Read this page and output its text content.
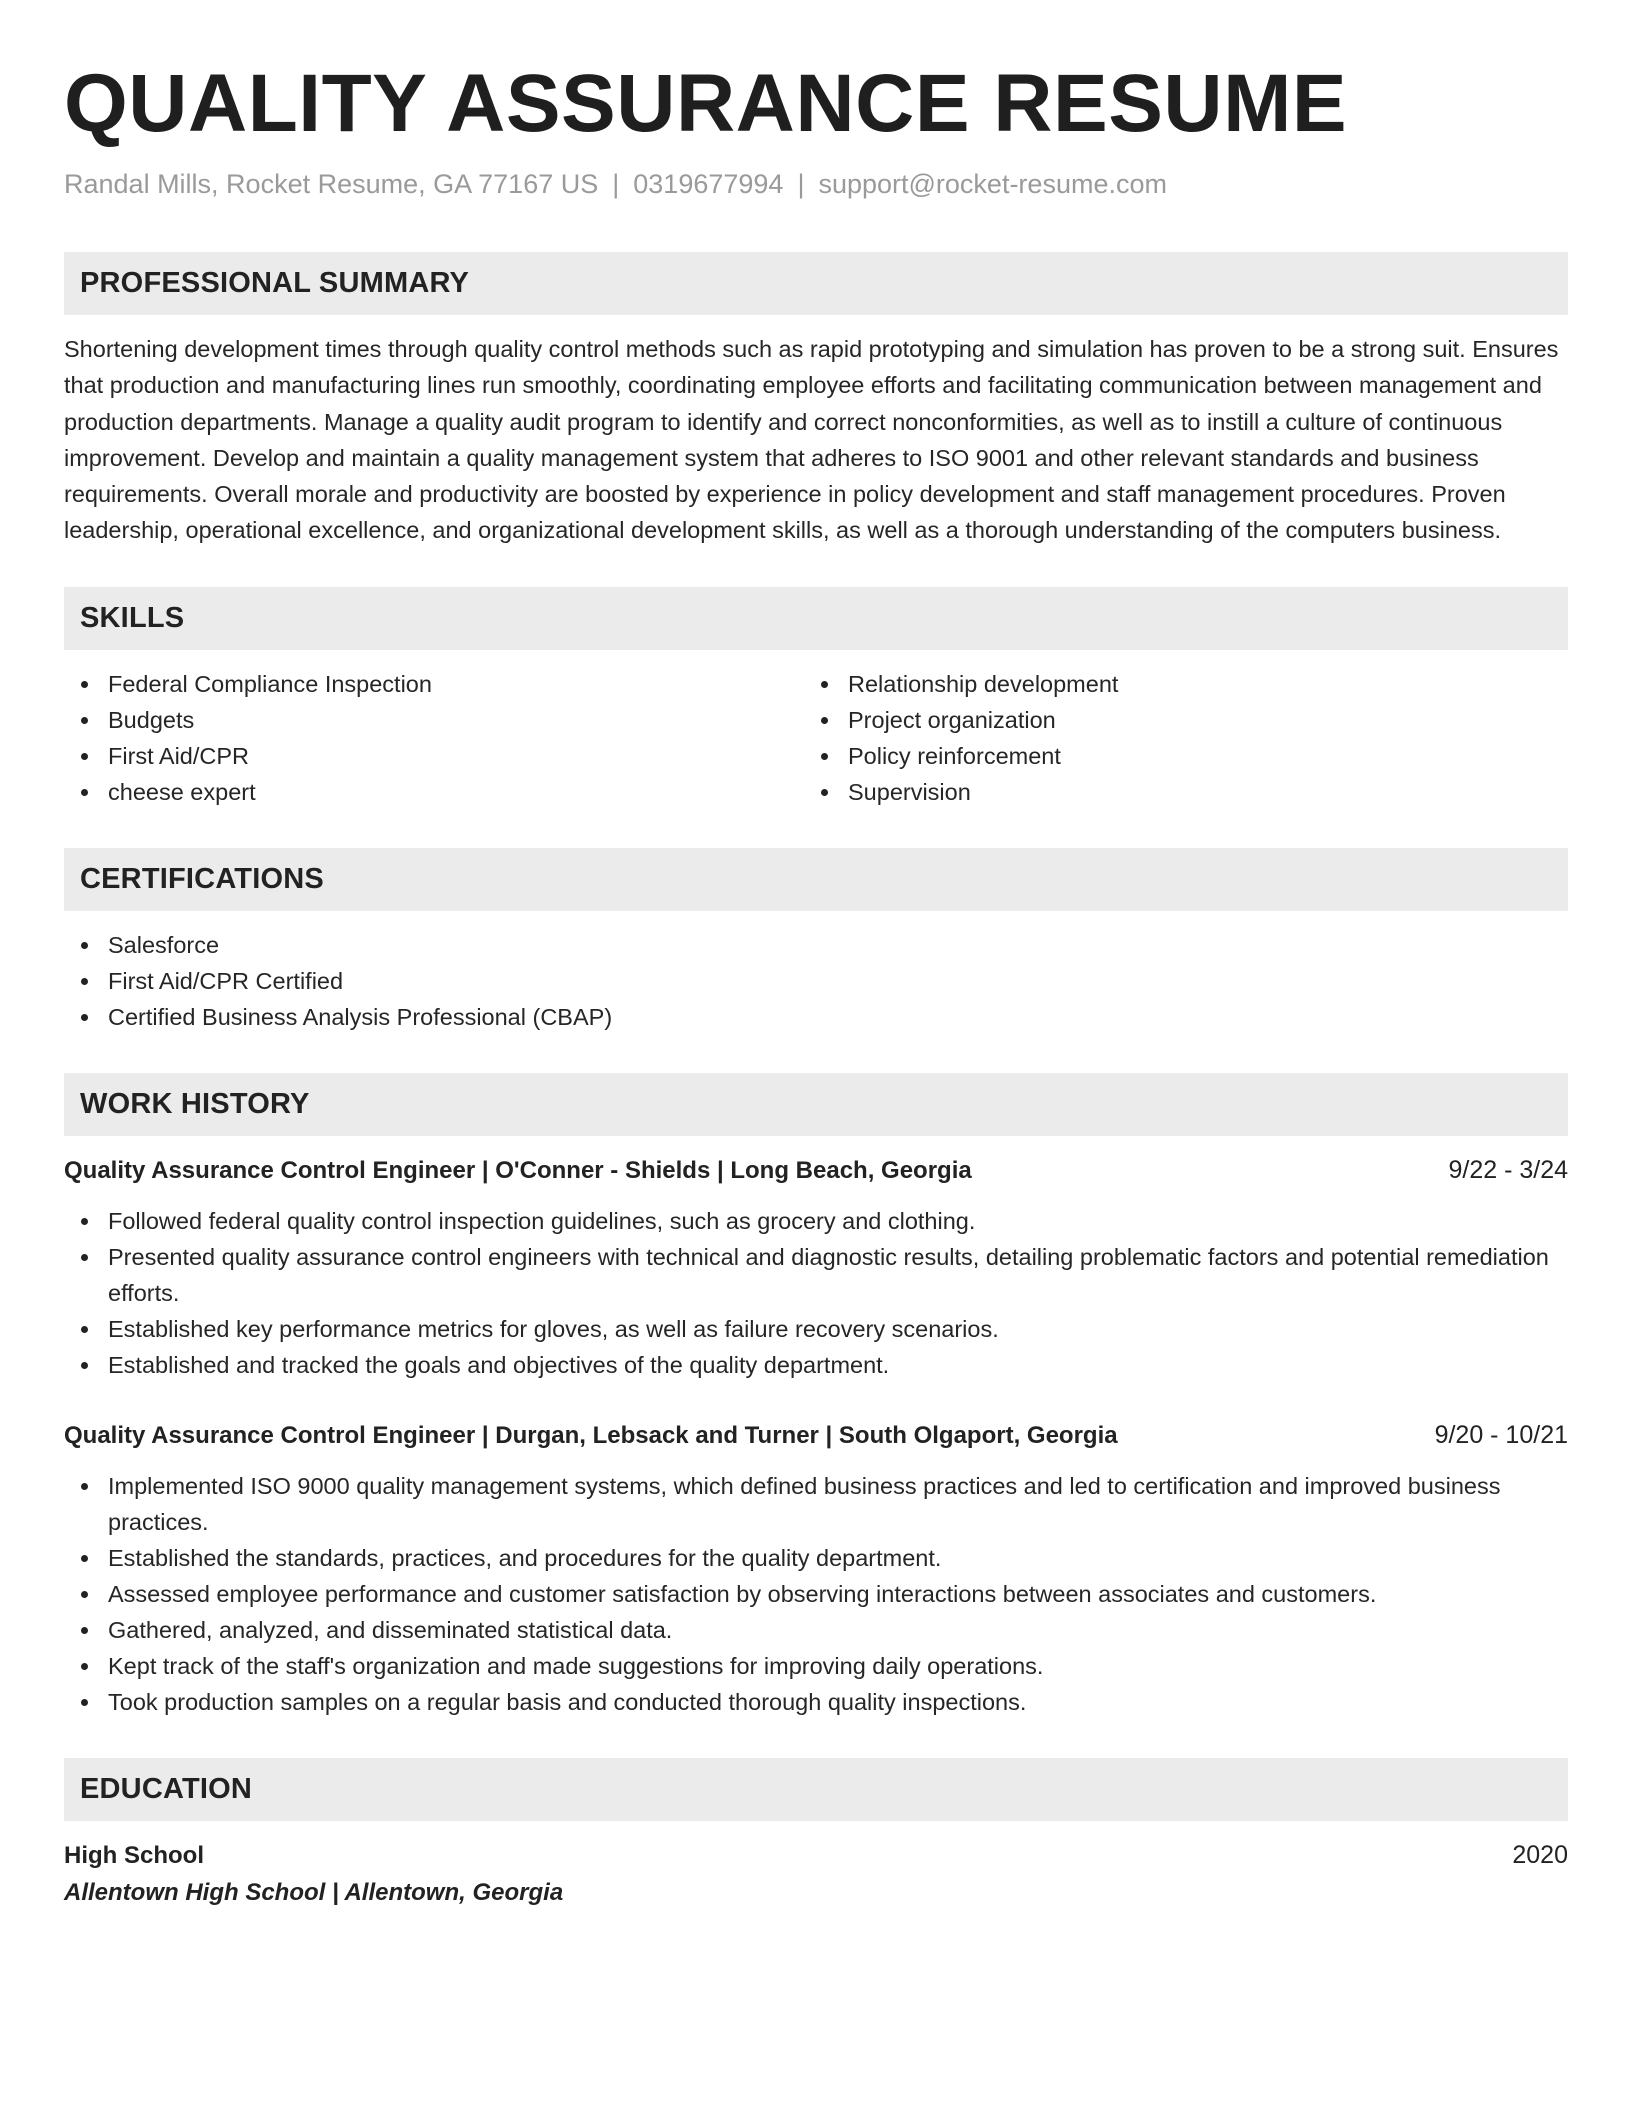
QUALITY ASSURANCE RESUME
Randal Mills, Rocket Resume, GA 77167 US | 0319677994 | support@rocket-resume.com
PROFESSIONAL SUMMARY
Shortening development times through quality control methods such as rapid prototyping and simulation has proven to be a strong suit. Ensures that production and manufacturing lines run smoothly, coordinating employee efforts and facilitating communication between management and production departments. Manage a quality audit program to identify and correct nonconformities, as well as to instill a culture of continuous improvement. Develop and maintain a quality management system that adheres to ISO 9001 and other relevant standards and business requirements. Overall morale and productivity are boosted by experience in policy development and staff management procedures. Proven leadership, operational excellence, and organizational development skills, as well as a thorough understanding of the computers business.
SKILLS
Federal Compliance Inspection
Budgets
First Aid/CPR
cheese expert
Relationship development
Project organization
Policy reinforcement
Supervision
CERTIFICATIONS
Salesforce
First Aid/CPR Certified
Certified Business Analysis Professional (CBAP)
WORK HISTORY
Quality Assurance Control Engineer | O'Conner - Shields | Long Beach, Georgia	9/22 - 3/24
Followed federal quality control inspection guidelines, such as grocery and clothing.
Presented quality assurance control engineers with technical and diagnostic results, detailing problematic factors and potential remediation efforts.
Established key performance metrics for gloves, as well as failure recovery scenarios.
Established and tracked the goals and objectives of the quality department.
Quality Assurance Control Engineer | Durgan, Lebsack and Turner | South Olgaport, Georgia	9/20 - 10/21
Implemented ISO 9000 quality management systems, which defined business practices and led to certification and improved business practices.
Established the standards, practices, and procedures for the quality department.
Assessed employee performance and customer satisfaction by observing interactions between associates and customers.
Gathered, analyzed, and disseminated statistical data.
Kept track of the staff's organization and made suggestions for improving daily operations.
Took production samples on a regular basis and conducted thorough quality inspections.
EDUCATION
High School	2020
Allentown High School | Allentown, Georgia
